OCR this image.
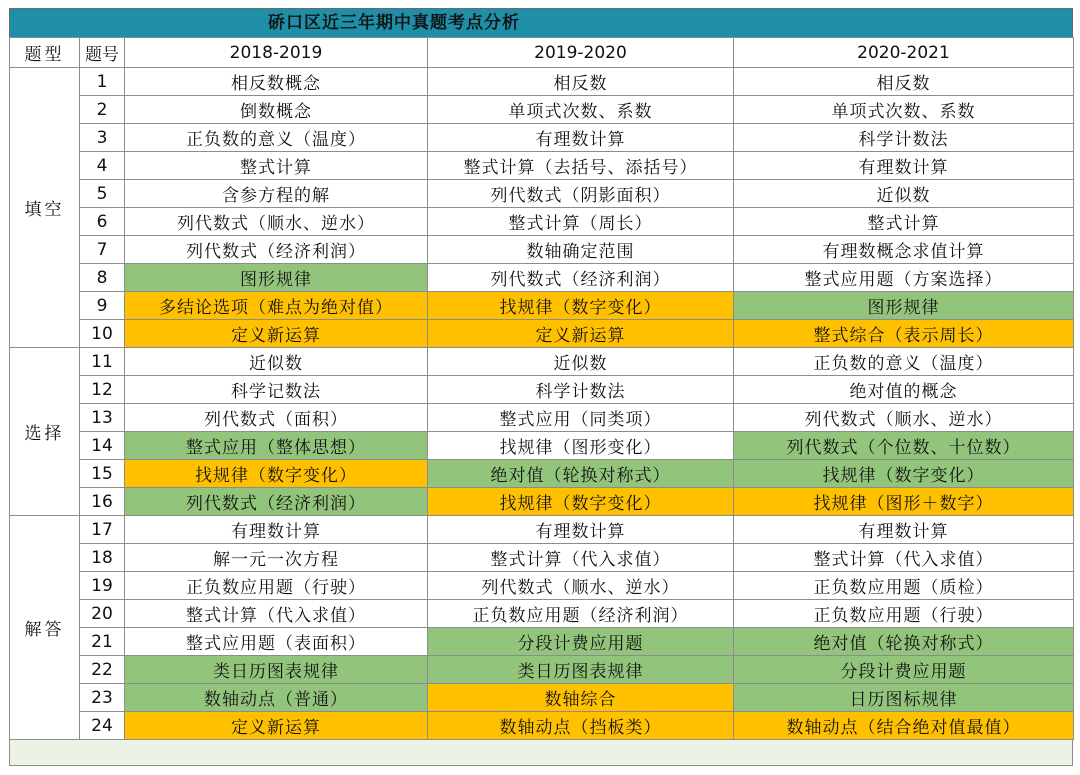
硚口区近三年期中真题考点分析
题型	题号	2018-2019	2019-2020	2020-2021
填空	1	相反数概念	相反数	相反数
	2	倒数概念	单项式次数、系数	单项式次数、系数
	3	正负数的意义（温度）	有理数计算	科学计数法
	4	整式计算	整式计算（去括号、添括号）	有理数计算
	5	含参方程的解	列代数式（阴影面积）	近似数
	6	列代数式（顺水、逆水）	整式计算（周长）	整式计算
	7	列代数式（经济利润）	数轴确定范围	有理数概念求值计算
	8	图形规律	列代数式（经济利润）	整式应用题（方案选择）
	9	多结论选项（难点为绝对值）	找规律（数字变化）	图形规律
	10	定义新运算	定义新运算	整式综合（表示周长）
选择	11	近似数	近似数	正负数的意义（温度）
	12	科学记数法	科学计数法	绝对值的概念
	13	列代数式（面积）	整式应用（同类项）	列代数式（顺水、逆水）
	14	整式应用（整体思想）	找规律（图形变化）	列代数式（个位数、十位数）
	15	找规律（数字变化）	绝对值（轮换对称式）	找规律（数字变化）
	16	列代数式（经济利润）	找规律（数字变化）	找规律（图形＋数字）
解答	17	有理数计算	有理数计算	有理数计算
	18	解一元一次方程	整式计算（代入求值）	整式计算（代入求值）
	19	正负数应用题（行驶）	列代数式（顺水、逆水）	正负数应用题（质检）
	20	整式计算（代入求值）	正负数应用题（经济利润）	正负数应用题（行驶）
	21	整式应用题（表面积）	分段计费应用题	绝对值（轮换对称式）
	22	类日历图表规律	类日历图表规律	分段计费应用题
	23	数轴动点（普通）	数轴综合	日历图标规律
	24	定义新运算	数轴动点（挡板类）	数轴动点（结合绝对值最值）
